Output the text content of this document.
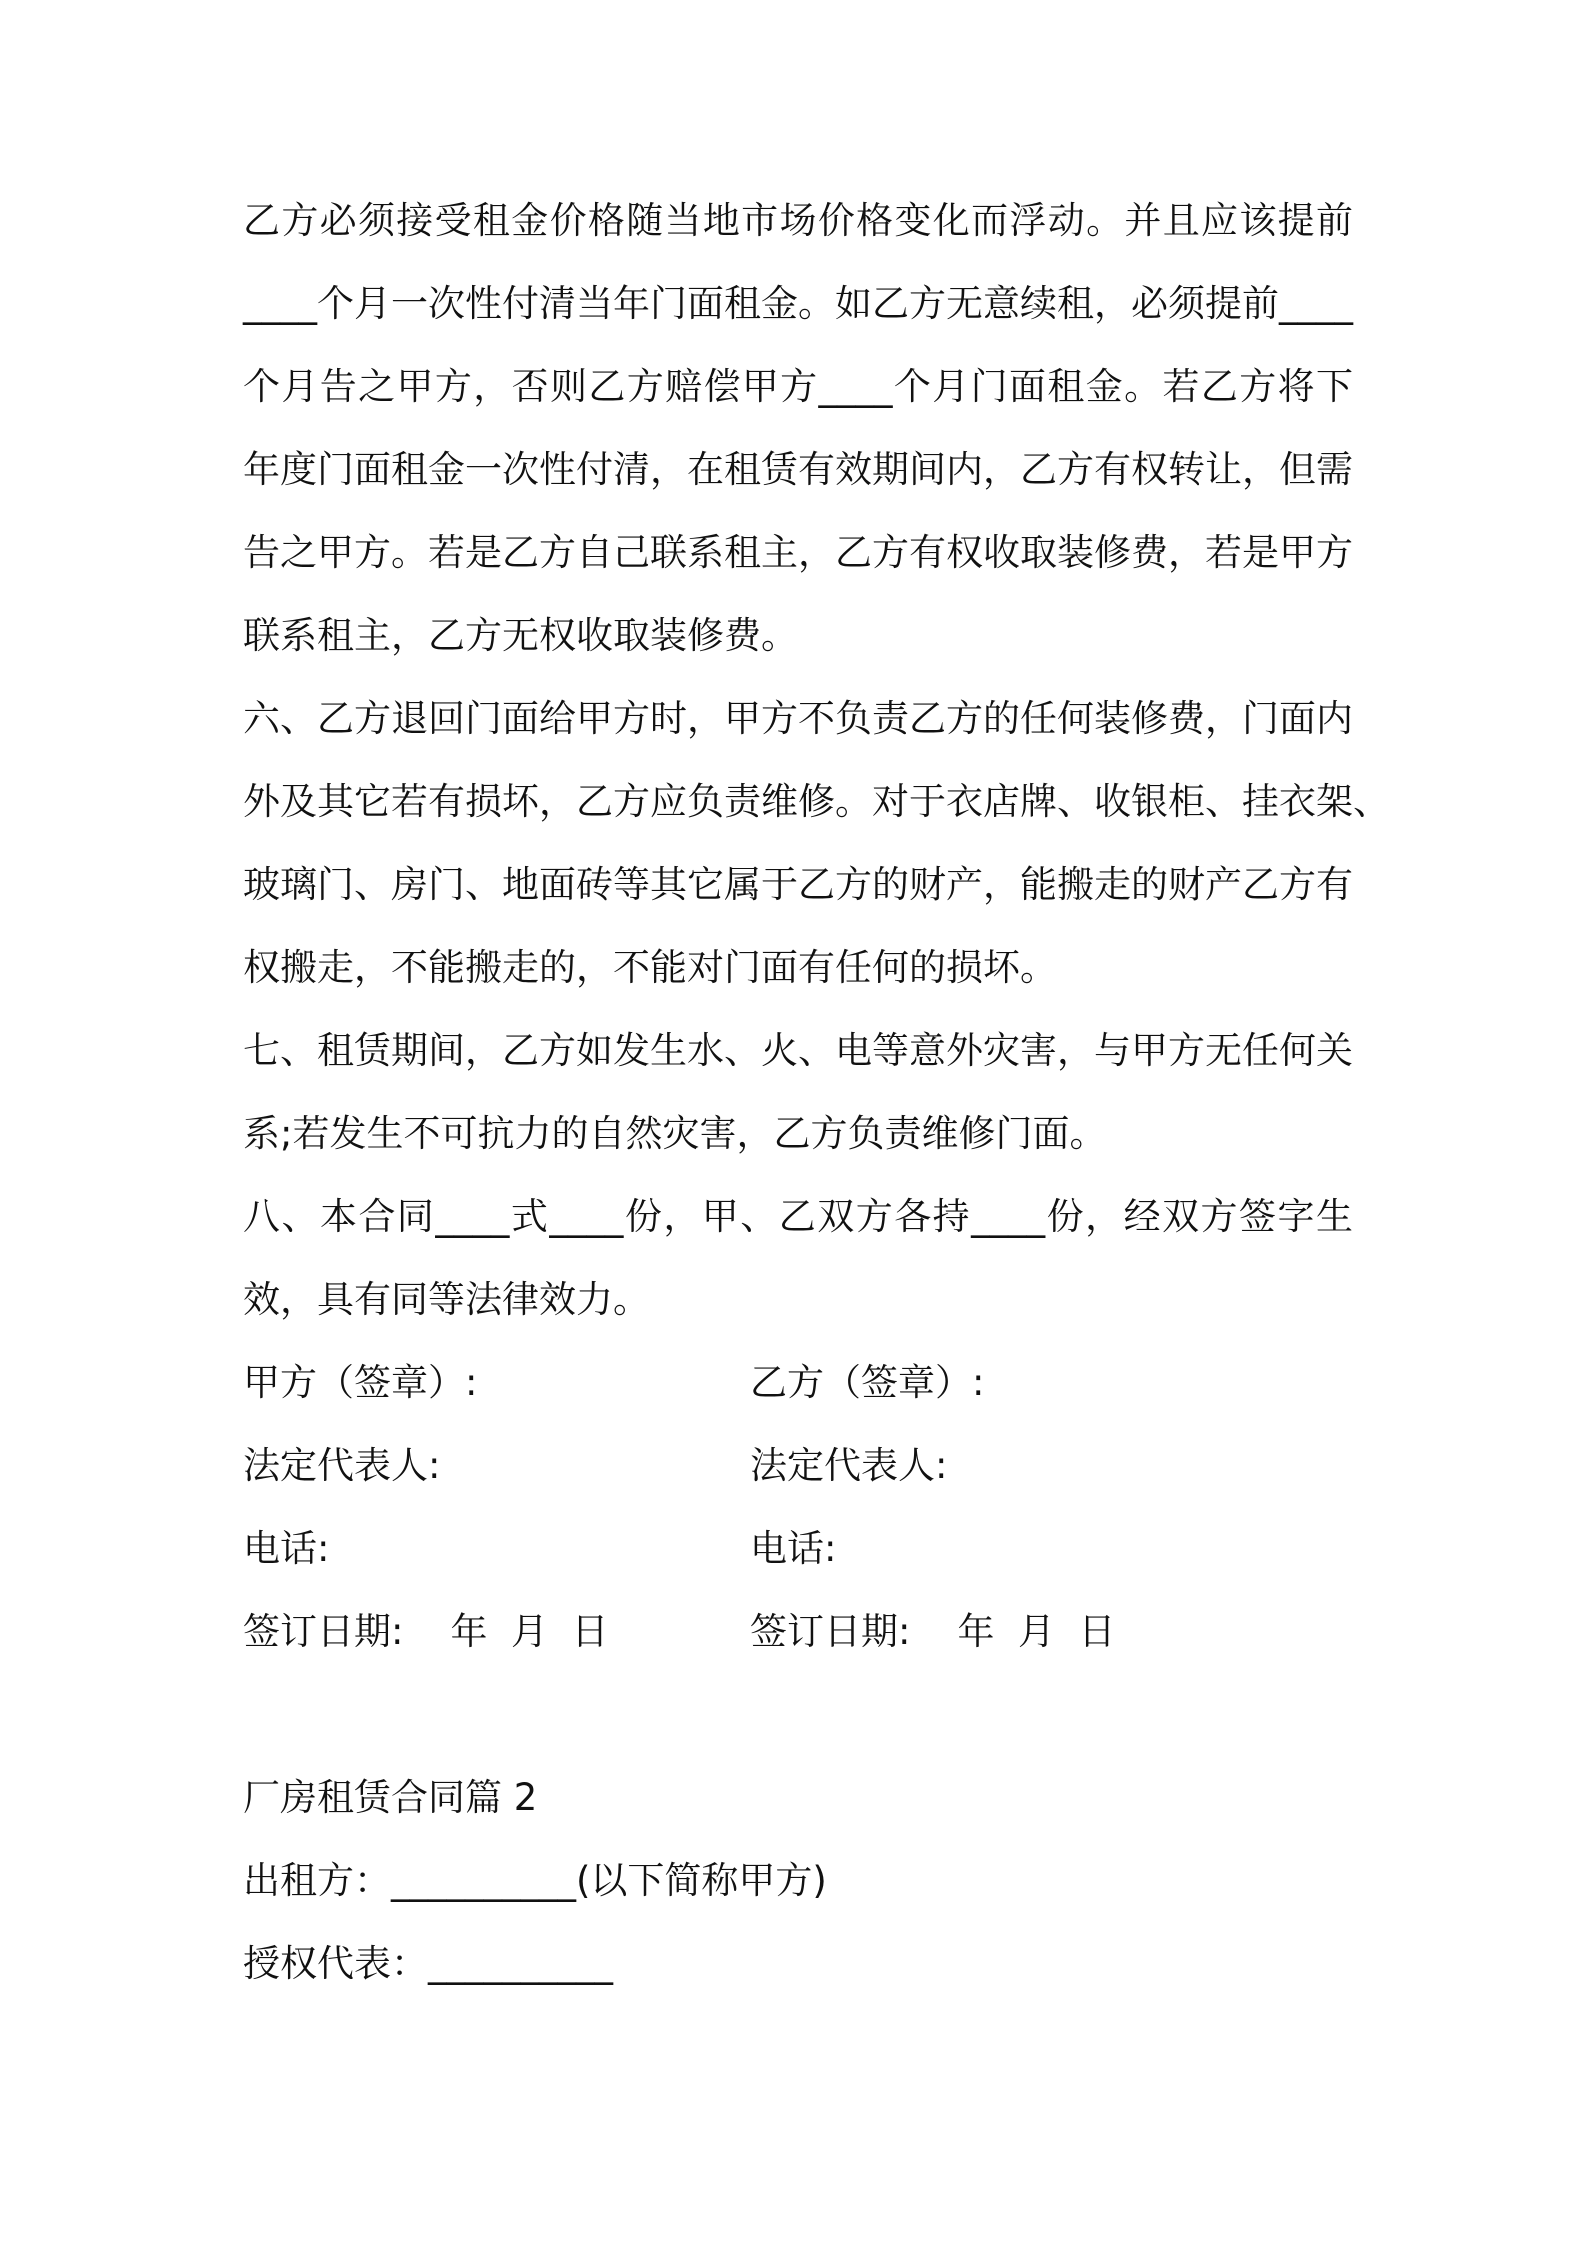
乙方必须接受租金价格随当地市场价格变化而浮动。并且应该提前
____个月一次性付清当年门面租金。如乙方无意续租，必须提前____
个月告之甲方，否则乙方赔偿甲方____个月门面租金。若乙方将下
年度门面租金一次性付清，在租赁有效期间内，乙方有权转让，但需
告之甲方。若是乙方自己联系租主，乙方有权收取装修费，若是甲方
联系租主，乙方无权收取装修费。
六、乙方退回门面给甲方时，甲方不负责乙方的任何装修费，门面内
外及其它若有损坏，乙方应负责维修。对于衣店牌、收银柜、挂衣架、
玻璃门、房门、地面砖等其它属于乙方的财产，能搬走的财产乙方有
权搬走，不能搬走的，不能对门面有任何的损坏。
七、租赁期间，乙方如发生水、火、电等意外灾害，与甲方无任何关
系;若发生不可抗力的自然灾害，乙方负责维修门面。
八、本合同____式____份，甲、乙双方各持____份，经双方签字生
效，具有同等法律效力。
甲方（签章）:	乙方（签章）:
法定代表人:	法定代表人:
电话:	电话:
签订日期:    年  月  日	签订日期:    年  月  日
厂房租赁合同篇 2
出租方：__________(以下简称甲方)
授权代表：__________
